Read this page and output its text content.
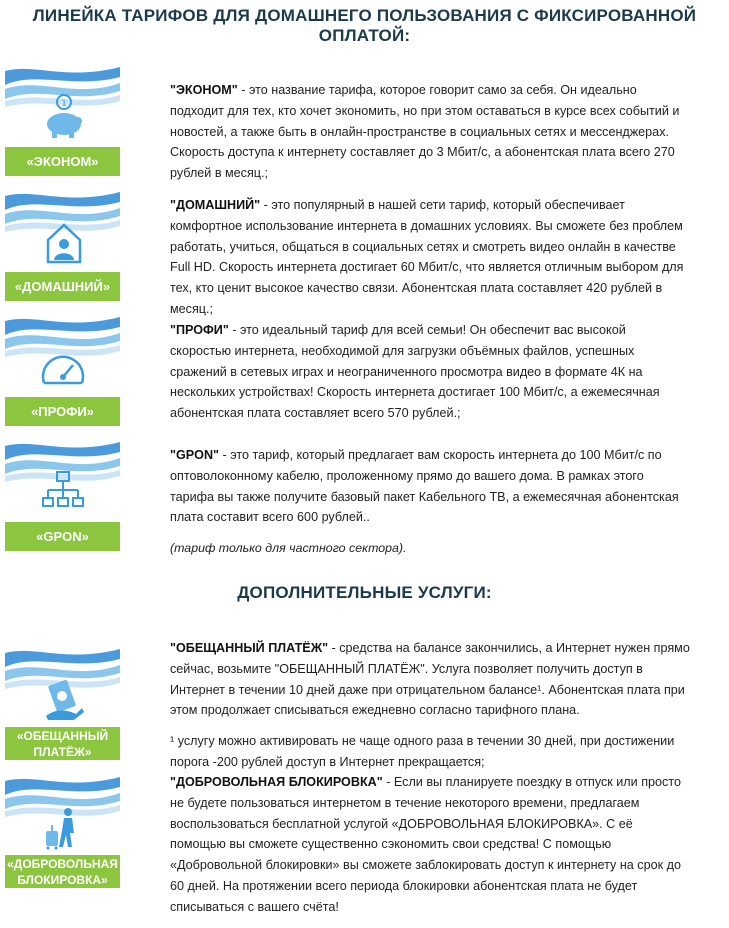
ЛИНЕЙКА ТАРИФОВ ДЛЯ ДОМАШНЕГО ПОЛЬЗОВАНИЯ С ФИКСИРОВАННОЙ ОПЛАТОЙ:
ДОПОЛНИТЕЛЬНЫЕ УСЛУГИ:
1
«ЭКОНОМ»

"ЭКОНОМ" - это название тарифа, которое говорит само за себя. Он идеально подходит для тех, кто хочет экономить, но при этом оставаться в курсе всех событий и новостей, а также быть в онлайн-пространстве в социальных сетях и мессенджерах. Скорость доступа к интернету составляет до 3 Мбит/с, а абонентская плата всего 270 рублей в месяц.;

«ДОМАШНИЙ»

"ДОМАШНИЙ" - это популярный в нашей сети тариф, который обеспечивает комфортное использование интернета в домашних условиях. Вы сможете без проблем работать, учиться, общаться в социальных сетях и смотреть видео онлайн в качестве Full HD. Скорость интернета достигает 60 Мбит/с, что является отличным выбором для тех, кто ценит высокое качество связи. Абонентская плата составляет 420 рублей в месяц.;

«ПРОФИ»

"ПРОФИ" - это идеальный тариф для всей семьи! Он обеспечит вас высокой скоростью интернета, необходимой для загрузки объёмных файлов, успешных сражений в сетевых играх и неограниченного просмотра видео в формате 4К на нескольких устройствах! Скорость интернета достигает 100 Мбит/с, а ежемесячная абонентская плата составляет всего 570 рублей.;

«GPON»

"GPON" - это тариф, который предлагает вам скорость интернета до 100 Мбит/с по оптоволоконному кабелю, проложенному прямо до вашего дома. В рамках этого тарифа вы также получите базовый пакет Кабельного ТВ, а ежемесячная абонентская плата составит всего 600 рублей..

(тариф только для частного сектора).

«ОБЕЩАННЫЙ
ПЛАТЁЖ»

"ОБЕЩАННЫЙ ПЛАТЁЖ" - средства на балансе закончились, а Интернет нужен прямо сейчас, возьмите "ОБЕЩАННЫЙ ПЛАТЁЖ". Услуга позволяет получить доступ в Интернет в течении 10 дней даже при отрицательном балансе¹. Абонентская плата при этом продолжает списываться ежедневно согласно тарифного плана.

¹ услугу можно активировать не чаще одного раза в течении 30 дней, при достижении порога -200 рублей доступ в Интернет прекращается;

«ДОБРОВОЛЬНАЯ
БЛОКИРОВКА»

"ДОБРОВОЛЬНАЯ БЛОКИРОВКА" - Если вы планируете поездку в отпуск или просто не будете пользоваться интернетом в течение некоторого времени, предлагаем воспользоваться бесплатной услугой «ДОБРОВОЛЬНАЯ БЛОКИРОВКА». С её помощью вы сможете существенно сэкономить свои средства! С помощью «Добровольной блокировки» вы сможете заблокировать доступ к интернету на срок до 60 дней. На протяжении всего периода блокировки абонентская плата не будет списываться с вашего счёта!
